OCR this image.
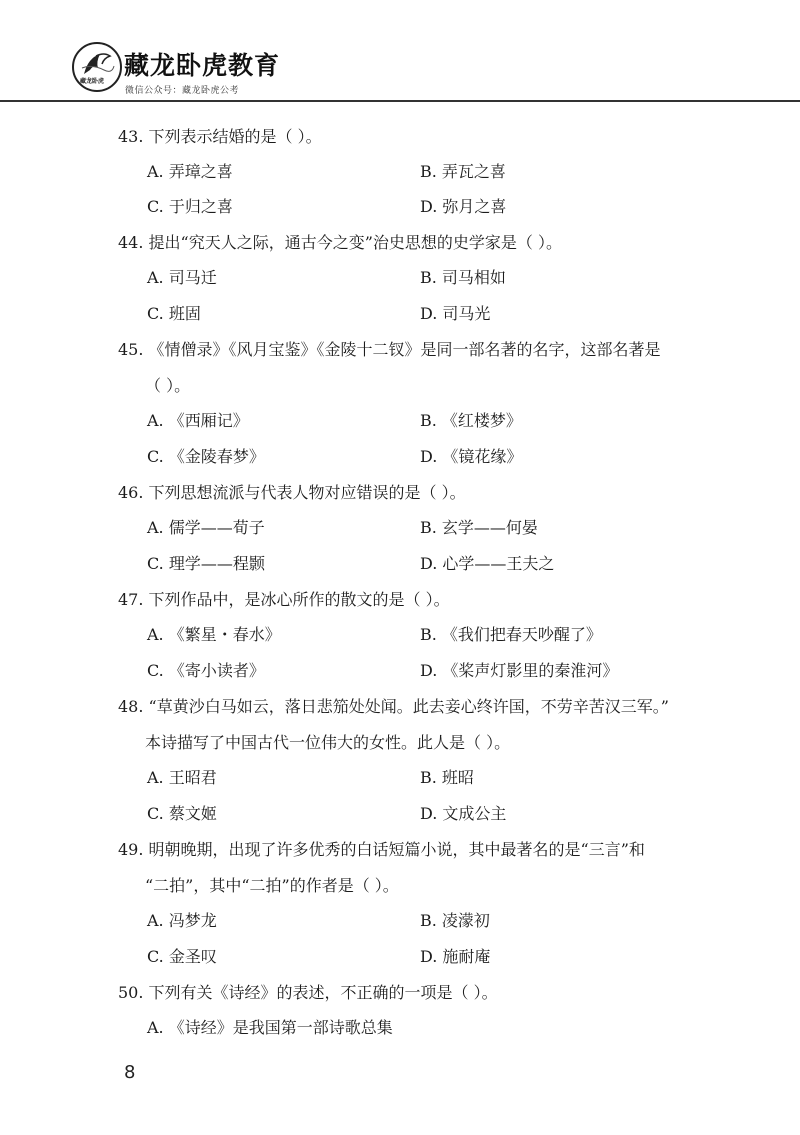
藏龙卧虎
藏龙卧虎教育
微信公众号：藏龙卧虎公考
43. 下列表示结婚的是（ ）。
A. 弄璋之喜	B. 弄瓦之喜
C. 于归之喜	D. 弥月之喜
44. 提出“究天人之际，通古今之变”治史思想的史学家是（ ）。
A. 司马迁	B. 司马相如
C. 班固	D. 司马光
45. 《情僧录》《风月宝鉴》《金陵十二钗》是同一部名著的名字，这部名著是
（ ）。
A. 《西厢记》	B. 《红楼梦》
C. 《金陵春梦》	D. 《镜花缘》
46. 下列思想流派与代表人物对应错误的是（ ）。
A. 儒学——荀子	B. 玄学——何晏
C. 理学——程颢	D. 心学——王夫之
47. 下列作品中，是冰心所作的散文的是（ ）。
A. 《繁星・春水》	B. 《我们把春天吵醒了》
C. 《寄小读者》	D. 《桨声灯影里的秦淮河》
48. “草黄沙白马如云，落日悲笳处处闻。此去妾心终许国，不劳辛苦汉三军。”
本诗描写了中国古代一位伟大的女性。此人是（ ）。
A. 王昭君	B. 班昭
C. 蔡文姬	D. 文成公主
49. 明朝晚期，出现了许多优秀的白话短篇小说，其中最著名的是“三言”和
“二拍”，其中“二拍”的作者是（ ）。
A. 冯梦龙	B. 凌濛初
C. 金圣叹	D. 施耐庵
50. 下列有关《诗经》的表述，不正确的一项是（ ）。
A. 《诗经》是我国第一部诗歌总集
8
